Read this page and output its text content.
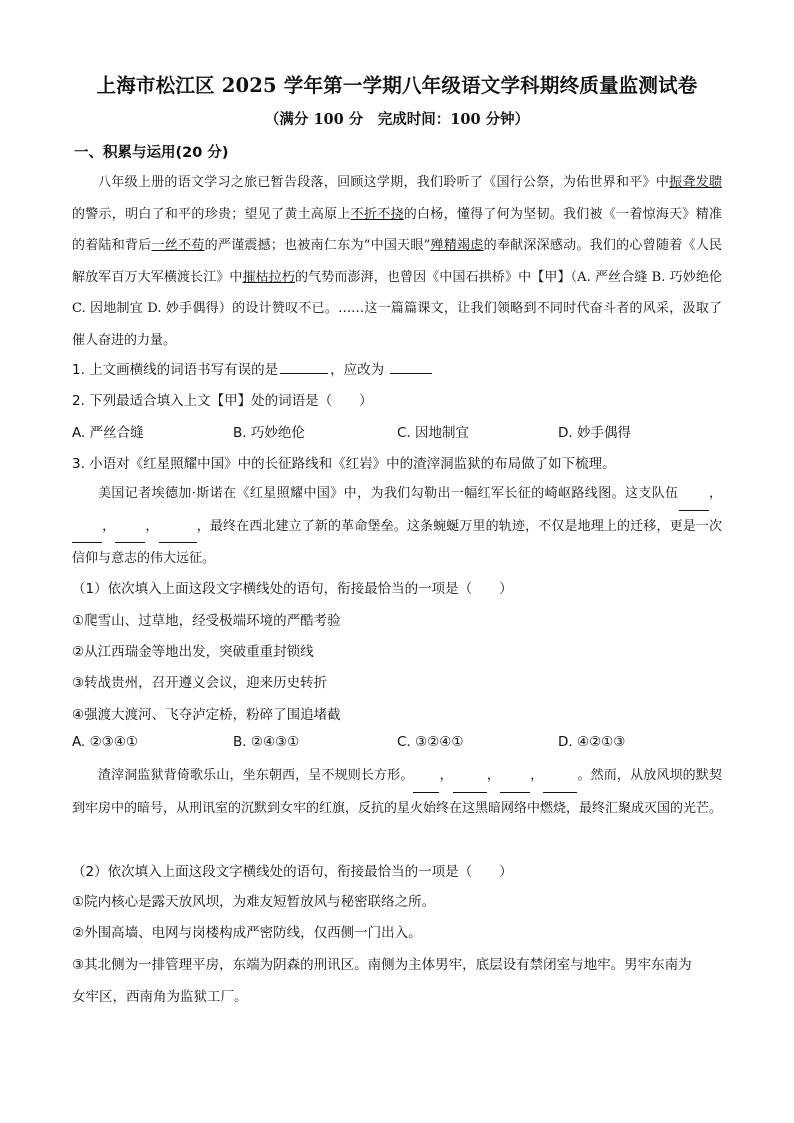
上海市松江区 2025 学年第一学期八年级语文学科期终质量监测试卷
（满分 100 分　完成时间：100 分钟）
一、积累与运用(20 分)

八年级上册的语文学习之旅已暂告段落，回顾这学期，我们聆听了《国行公祭，为佑世界和平》中振聋发聩的警示，明白了和平的珍贵；望见了黄土高原上不折不挠的白杨，懂得了何为坚韧。我们被《一着惊海天》精准的着陆和背后一丝不苟的严谨震撼；也被南仁东为“中国天眼”殚精竭虑的奉献深深感动。我们的心曾随着《人民解放军百万大军横渡长江》中摧枯拉朽的气势而澎湃，也曾因《中国石拱桥》中【甲】（A. 严丝合缝 B. 巧妙绝伦 C. 因地制宜 D. 妙手偶得）的设计赞叹不已。……这一篇篇课文，让我们领略到不同时代奋斗者的风采，汲取了催人奋进的力量。

1. 上文画横线的词语书写有误的是	，应改为
2. 下列最适合填入上文【甲】处的词语是（　　）
A. 严丝合缝	B. 巧妙绝伦	C. 因地制宜	D. 妙手偶得
3. 小语对《红星照耀中国》中的长征路线和《红岩》中的渣滓洞监狱的布局做了如下梳理。

美国记者埃德加·斯诺在《红星照耀中国》中，为我们勾勒出一幅红军长征的崎岖路线图。这支队伍 ， ， ，	，最终在西北建立了新的革命堡垒。这条蜿蜒万里的轨迹，不仅是地理上的迁移，更是一次信仰与意志的伟大远征。

（1）依次填入上面这段文字横线处的语句，衔接最恰当的一项是（　　）
①爬雪山、过草地，经受极端环境的严酷考验
②从江西瑞金等地出发，突破重重封锁线
③转战贵州，召开遵义会议，迎来历史转折
④强渡大渡河、飞夺泸定桥，粉碎了围追堵截
A. ②③④①	B. ②④③①	C. ③②④①	D. ④②①③

渣滓洞监狱背倚歌乐山，坐东朝西，呈不规则长方形。 ，	， ，	。然而，从放风坝的默契到牢房中的暗号，从刑讯室的沉默到女牢的红旗，反抗的星火始终在这黑暗网络中燃烧，最终汇聚成灭国的光芒。

（2）依次填入上面这段文字横线处的语句，衔接最恰当的一项是（　　）
①院内核心是露天放风坝，为难友短暂放风与秘密联络之所。
②外围高墙、电网与岗楼构成严密防线，仅西侧一门出入。
③其北侧为一排管理平房，东端为阴森的刑讯区。南侧为主体男牢，底层设有禁闭室与地牢。男牢东南为
女牢区，西南角为监狱工厂。
